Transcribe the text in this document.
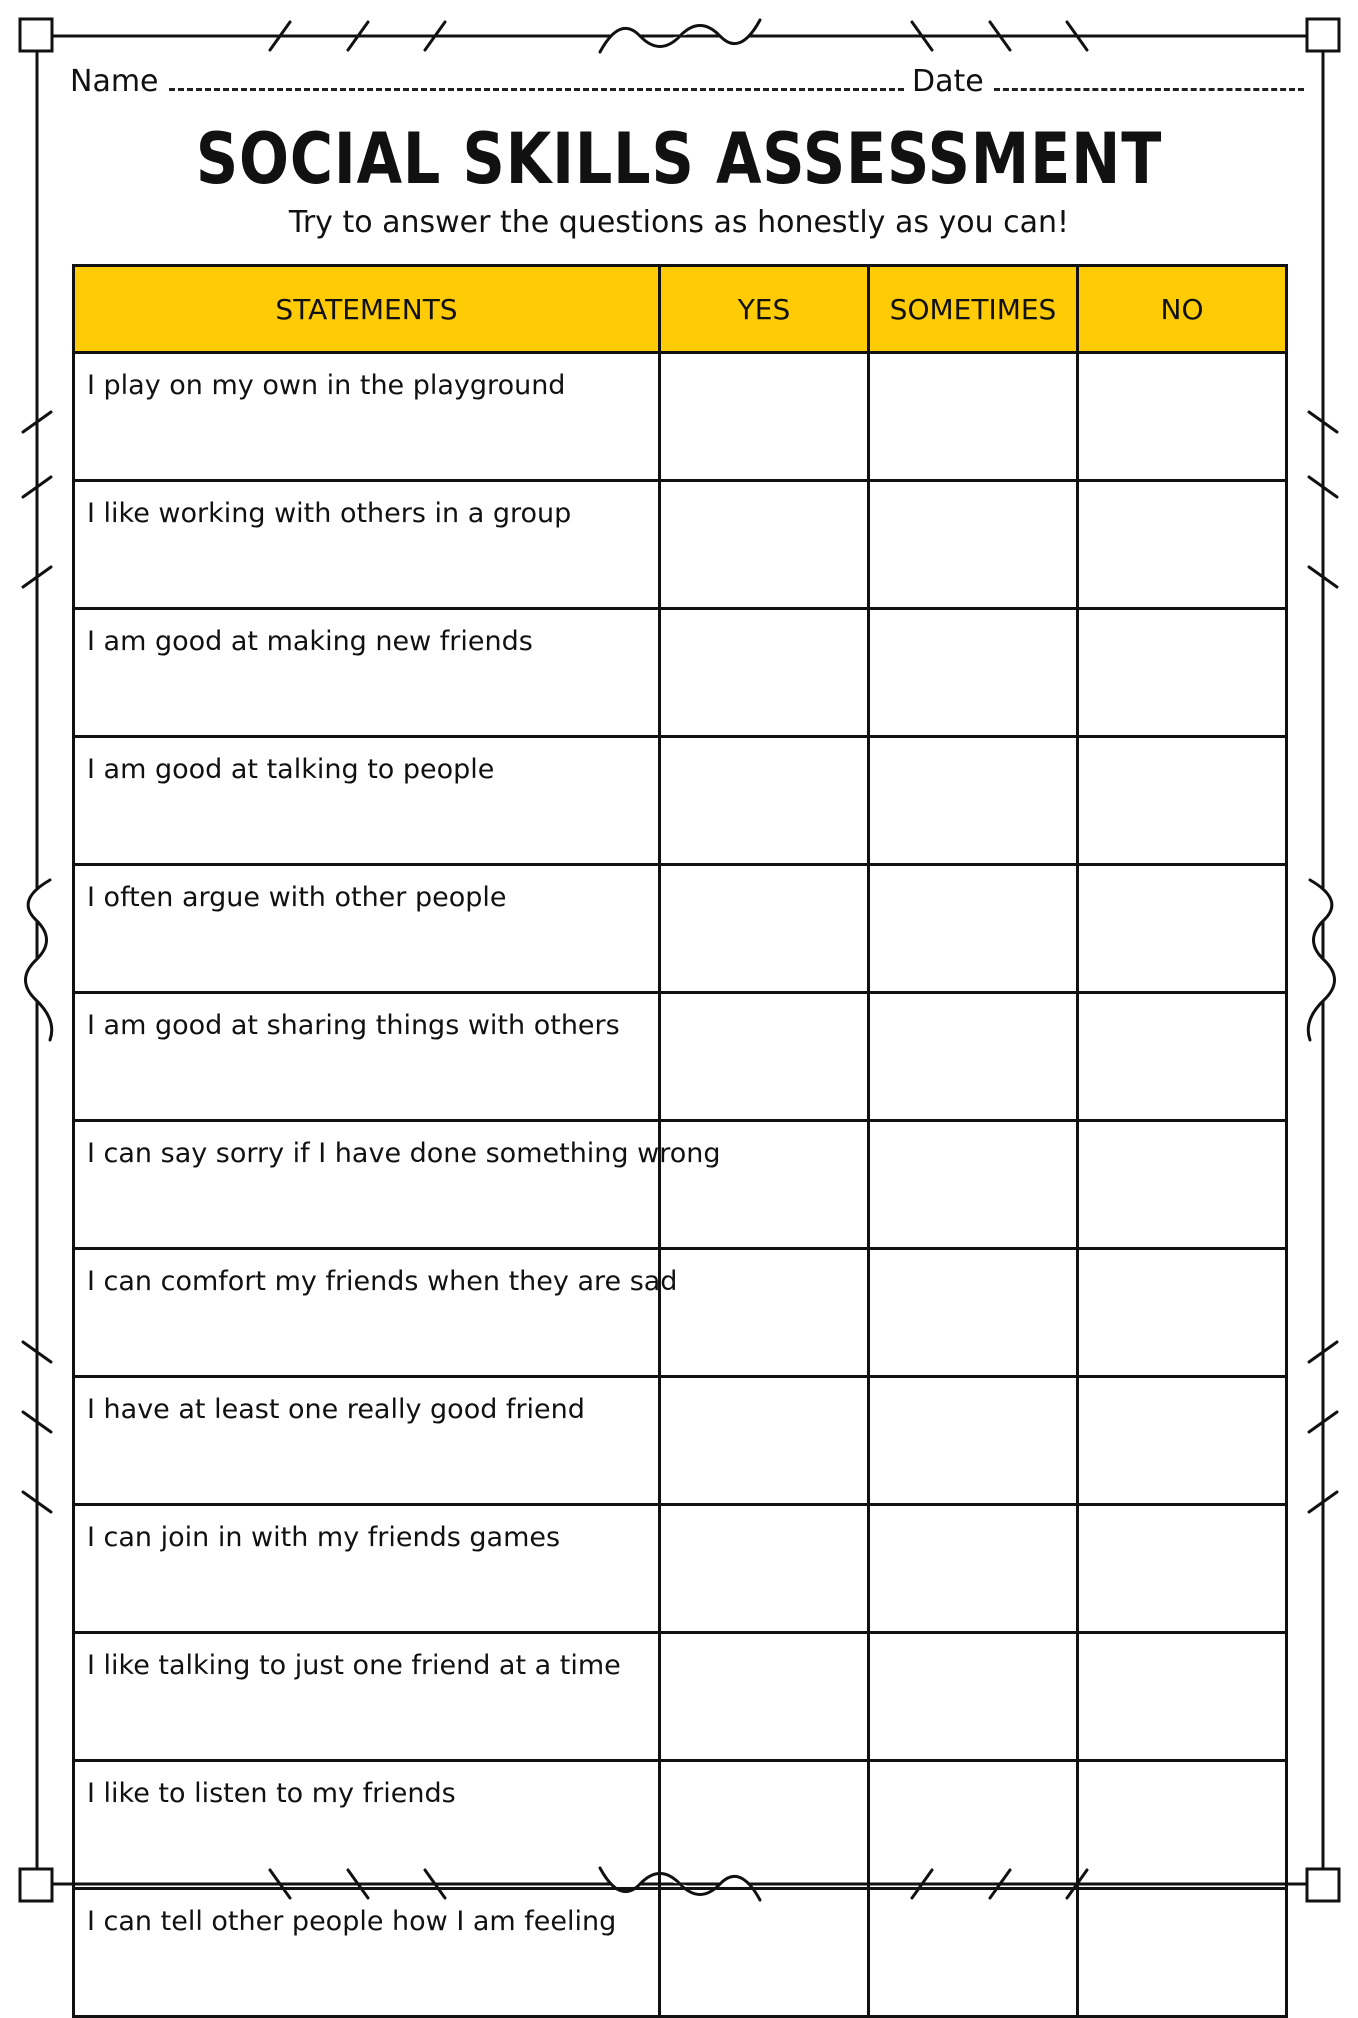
Name	Date
SOCIAL SKILLS ASSESSMENT
Try to answer the questions as honestly as you can!
STATEMENTS	YES	SOMETIMES	NO
I play on my own in the playground			
I like working with others in a group			
I am good at making new friends			
I am good at talking to people			
I often argue with other people			
I am good at sharing things with others			
I can say sorry if I have done something wrong			
I can comfort my friends when they are sad			
I have at least one really good friend			
I can join in with my friends games			
I like talking to just one friend at a time			
I like to listen to my friends			
I can tell other people how I am feeling			
